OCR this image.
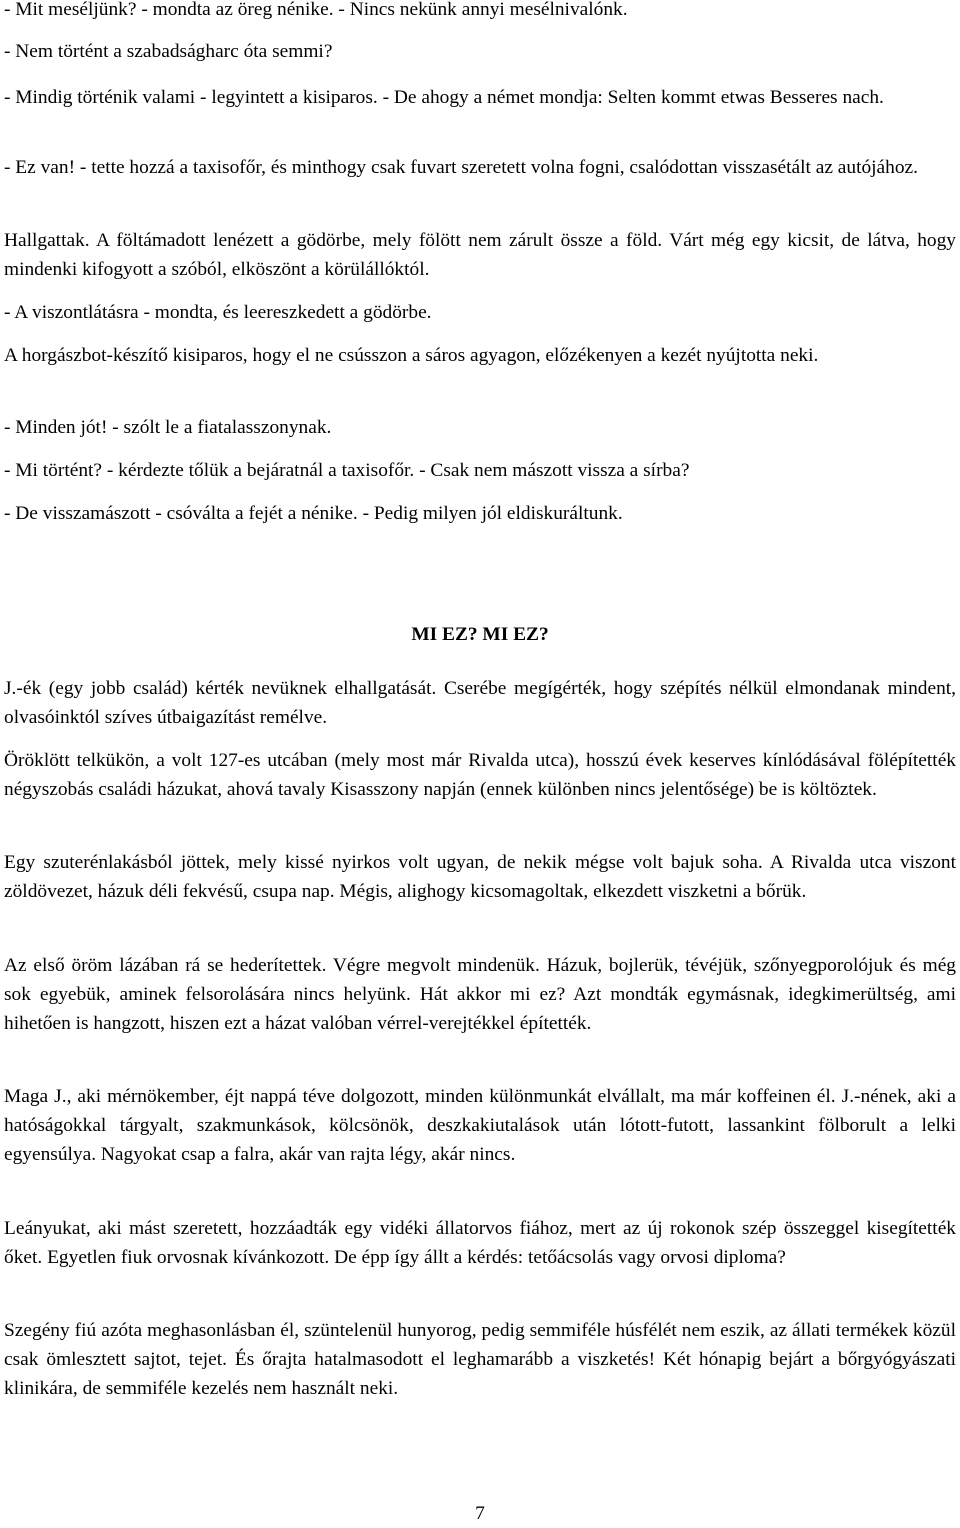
- Mit meséljünk? - mondta az öreg nénike. - Nincs nekünk annyi mesélnivalónk.

- Nem történt a szabadságharc óta semmi?

- Mindig történik valami - legyintett a kisiparos. - De ahogy a német mondja: Selten kommt etwas Besseres nach.

- Ez van! - tette hozzá a taxisofőr, és minthogy csak fuvart szeretett volna fogni, csalódottan visszasétált az autójához.

Hallgattak. A föltámadott lenézett a gödörbe, mely fölött nem zárult össze a föld. Várt még egy kicsit, de látva, hogy mindenki kifogyott a szóból, elköszönt a körülállóktól.

- A viszontlátásra - mondta, és leereszkedett a gödörbe.

A horgászbot-készítő kisiparos, hogy el ne csússzon a sáros agyagon, előzékenyen a kezét nyújtotta neki.

- Minden jót! - szólt le a fiatalasszonynak.

- Mi történt? - kérdezte tőlük a bejáratnál a taxisofőr. - Csak nem mászott vissza a sírba?

- De visszamászott - csóválta a fejét a nénike. - Pedig milyen jól eldiskuráltunk.

MI EZ? MI EZ?

J.-ék (egy jobb család) kérték nevüknek elhallgatását. Cserébe megígérték, hogy szépítés nélkül elmondanak mindent, olvasóinktól szíves útbaigazítást remélve.

Öröklött telkükön, a volt 127-es utcában (mely most már Rivalda utca), hosszú évek keserves kínlódásával fölépítették négyszobás családi házukat, ahová tavaly Kisasszony napján (ennek különben nincs jelentősége) be is költöztek.

Egy szuterénlakásból jöttek, mely kissé nyirkos volt ugyan, de nekik mégse volt bajuk soha. A Rivalda utca viszont zöldövezet, házuk déli fekvésű, csupa nap. Mégis, alighogy kicsomagoltak, elkezdett viszketni a bőrük.

Az első öröm lázában rá se hederítettek. Végre megvolt mindenük. Házuk, bojlerük, tévéjük, szőnyegporolójuk és még sok egyebük, aminek felsorolására nincs helyünk. Hát akkor mi ez? Azt mondták egymásnak, idegkimerültség, ami hihetően is hangzott, hiszen ezt a házat valóban vérrel-verejtékkel építették.

Maga J., aki mérnökember, éjt nappá téve dolgozott, minden különmunkát elvállalt, ma már koffeinen él. J.-nének, aki a hatóságokkal tárgyalt, szakmunkások, kölcsönök, deszkakiutalások után lótott-futott, lassankint fölborult a lelki egyensúlya. Nagyokat csap a falra, akár van rajta légy, akár nincs.

Leányukat, aki mást szeretett, hozzáadták egy vidéki állatorvos fiához, mert az új rokonok szép összeggel kisegítették őket. Egyetlen fiuk orvosnak kívánkozott. De épp így állt a kérdés: tetőácsolás vagy orvosi diploma?

Szegény fiú azóta meghasonlásban él, szüntelenül hunyorog, pedig semmiféle húsfélét nem eszik, az állati termékek közül csak ömlesztett sajtot, tejet. És őrajta hatalmasodott el leghamarább a viszketés! Két hónapig bejárt a bőrgyógyászati klinikára, de semmiféle kezelés nem használt neki.

7
